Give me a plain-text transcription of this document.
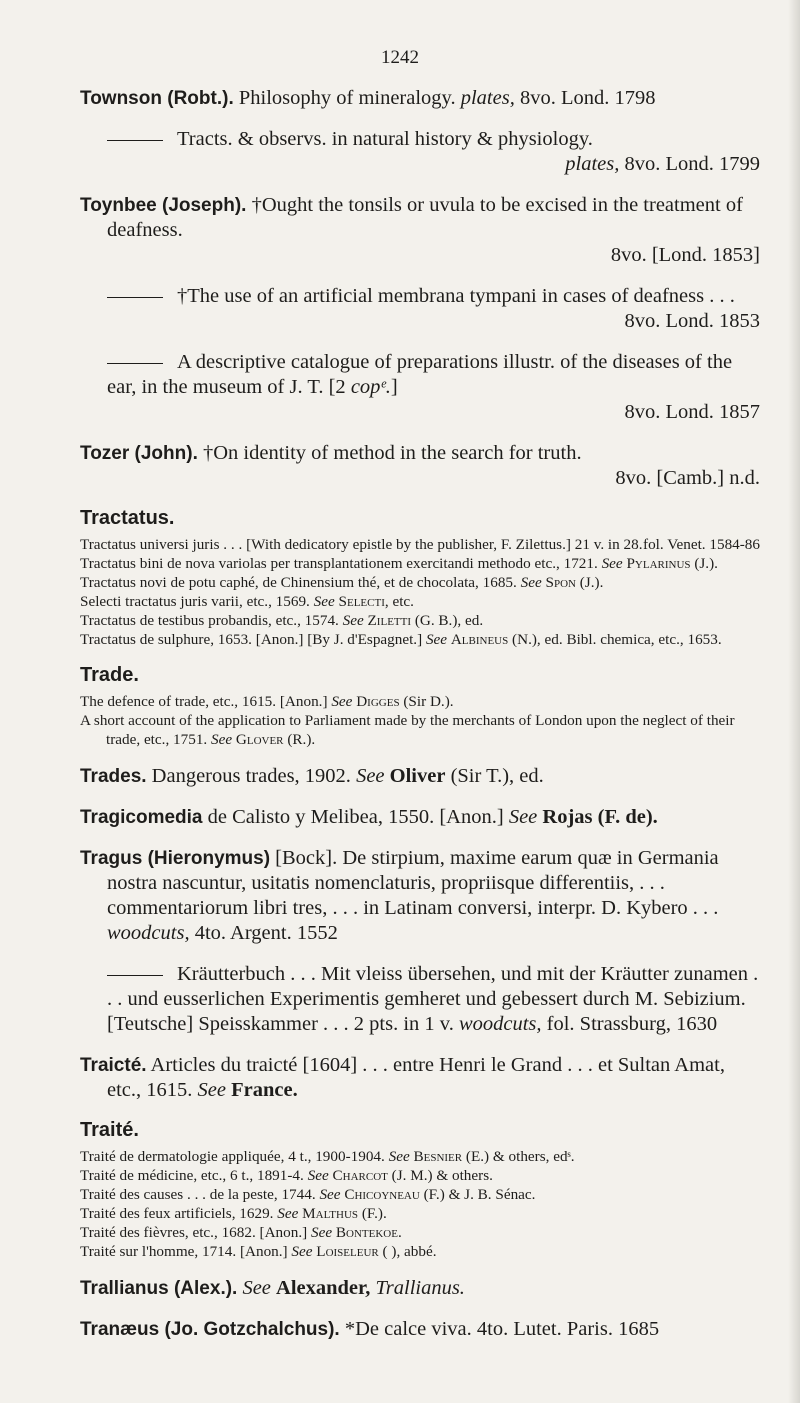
1242
Townson (Robt.). Philosophy of mineralogy. plates, 8vo. Lond. 1798
Tracts. & observs. in natural history & physiology.
plates, 8vo. Lond. 1799
Toynbee (Joseph). †Ought the tonsils or uvula to be excised in the treatment of deafness.
8vo. [Lond. 1853]
†The use of an artificial membrana tympani in cases of deafness . . .
8vo. Lond. 1853
A descriptive catalogue of preparations illustr. of the diseases of the ear, in the museum of J. T. [2 copᵉ.]
8vo. Lond. 1857
Tozer (John). †On identity of method in the search for truth.
8vo. [Camb.] n.d.
Tractatus.
Tractatus universi juris . . . [With dedicatory epistle by the publisher, F. Zilettus.] 21 v. in 28. fol. Venet. 1584-86
Tractatus bini de nova variolas per transplantationem exercitandi methodo etc., 1721. See Pylarinus (J.).
Tractatus novi de potu caphé, de Chinensium thé, et de chocolata, 1685. See Spon (J.).
Selecti tractatus juris varii, etc., 1569. See Selecti, etc.
Tractatus de testibus probandis, etc., 1574. See Ziletti (G. B.), ed.
Tractatus de sulphure, 1653. [Anon.] [By J. d'Espagnet.] See Albineus (N.), ed. Bibl. chemica, etc., 1653.
Trade.
The defence of trade, etc., 1615. [Anon.] See Digges (Sir D.).
A short account of the application to Parliament made by the merchants of London upon the neglect of their trade, etc., 1751. See Glover (R.).
Trades. Dangerous trades, 1902. See Oliver (Sir T.), ed.
Tragicomedia de Calisto y Melibea, 1550. [Anon.] See Rojas (F. de).
Tragus (Hieronymus) [Bock]. De stirpium, maxime earum quæ in Germania nostra nascuntur, usitatis nomenclaturis, propriisque differentiis, . . . commentariorum libri tres, . . . in Latinam conversi, interpr. D. Kybero . . . woodcuts, 4to. Argent. 1552
Kräutterbuch . . . Mit vleiss übersehen, und mit der Kräutter zunamen . . . und eusserlichen Experimentis gemheret und gebessert durch M. Sebizium. [Teutsche] Speisskammer . . . 2 pts. in 1 v. woodcuts, fol. Strassburg, 1630
Traicté. Articles du traicté [1604] . . . entre Henri le Grand . . . et Sultan Amat, etc., 1615. See France.
Traité.
Traité de dermatologie appliquée, 4 t., 1900-1904. See Besnier (E.) & others, edˢ.
Traité de médicine, etc., 6 t., 1891-4. See Charcot (J. M.) & others.
Traité des causes . . . de la peste, 1744. See Chicoyneau (F.) & J. B. Sénac.
Traité des feux artificiels, 1629. See Malthus (F.).
Traité des fièvres, etc., 1682. [Anon.] See Bontekoe.
Traité sur l'homme, 1714. [Anon.] See Loiseleur ( ), abbé.
Trallianus (Alex.). See Alexander, Trallianus.
Tranæus (Jo. Gotzchalchus). *De calce viva. 4to. Lutet. Paris. 1685
